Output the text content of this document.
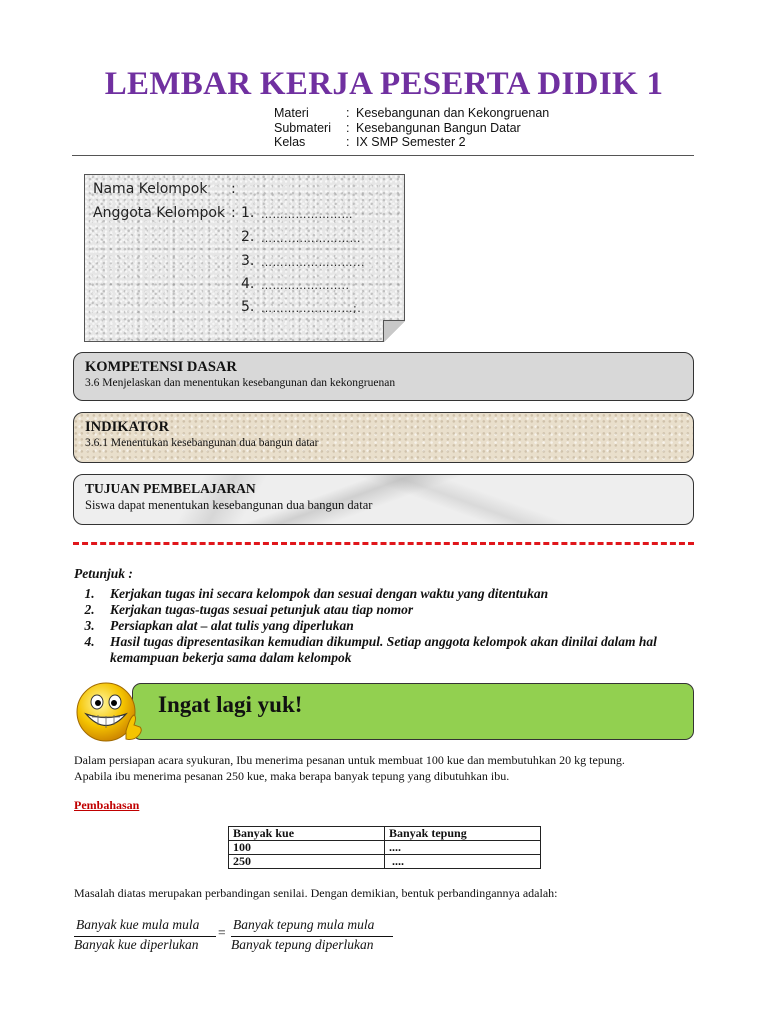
LEMBAR KERJA PESERTA DIDIK 1
Materi	: Kesebangunan dan Kekongruenan
Submateri	: Kesebangunan Bangun Datar
Kelas	: IX SMP Semester 2
Nama Kelompok :
Anggota Kelompok : 1. ……………………
2. ……..………………
3. ……………………...
4. …………………..
5. ……………………;.
KOMPETENSI DASAR
3.6 Menjelaskan dan menentukan kesebangunan dan kekongruenan
INDIKATOR
3.6.1 Menentukan kesebangunan dua bangun datar
TUJUAN PEMBELAJARAN
Siswa dapat menentukan kesebangunan dua bangun datar
Petunjuk :
1. Kerjakan tugas ini secara kelompok dan sesuai dengan waktu yang ditentukan
2. Kerjakan tugas-tugas sesuai petunjuk atau tiap nomor
3. Persiapkan alat – alat tulis yang diperlukan
4. Hasil tugas dipresentasikan kemudian dikumpul. Setiap anggota kelompok akan dinilai dalam hal kemampuan bekerja sama dalam kelompok
Ingat lagi yuk!
Dalam persiapan acara syukuran, Ibu menerima pesanan untuk membuat 100 kue dan membutuhkan 20 kg tepung.
Apabila ibu menerima pesanan 250 kue, maka berapa banyak tepung yang dibutuhkan ibu.
Pembahasan
Banyak kue	Banyak tepung
100	....
250	....
Masalah diatas merupakan perbandingan senilai. Dengan demikian, bentuk perbandingannya adalah:
Banyak kue mula mula
Banyak kue diperlukan
=
Banyak tepung mula mula
Banyak tepung diperlukan
